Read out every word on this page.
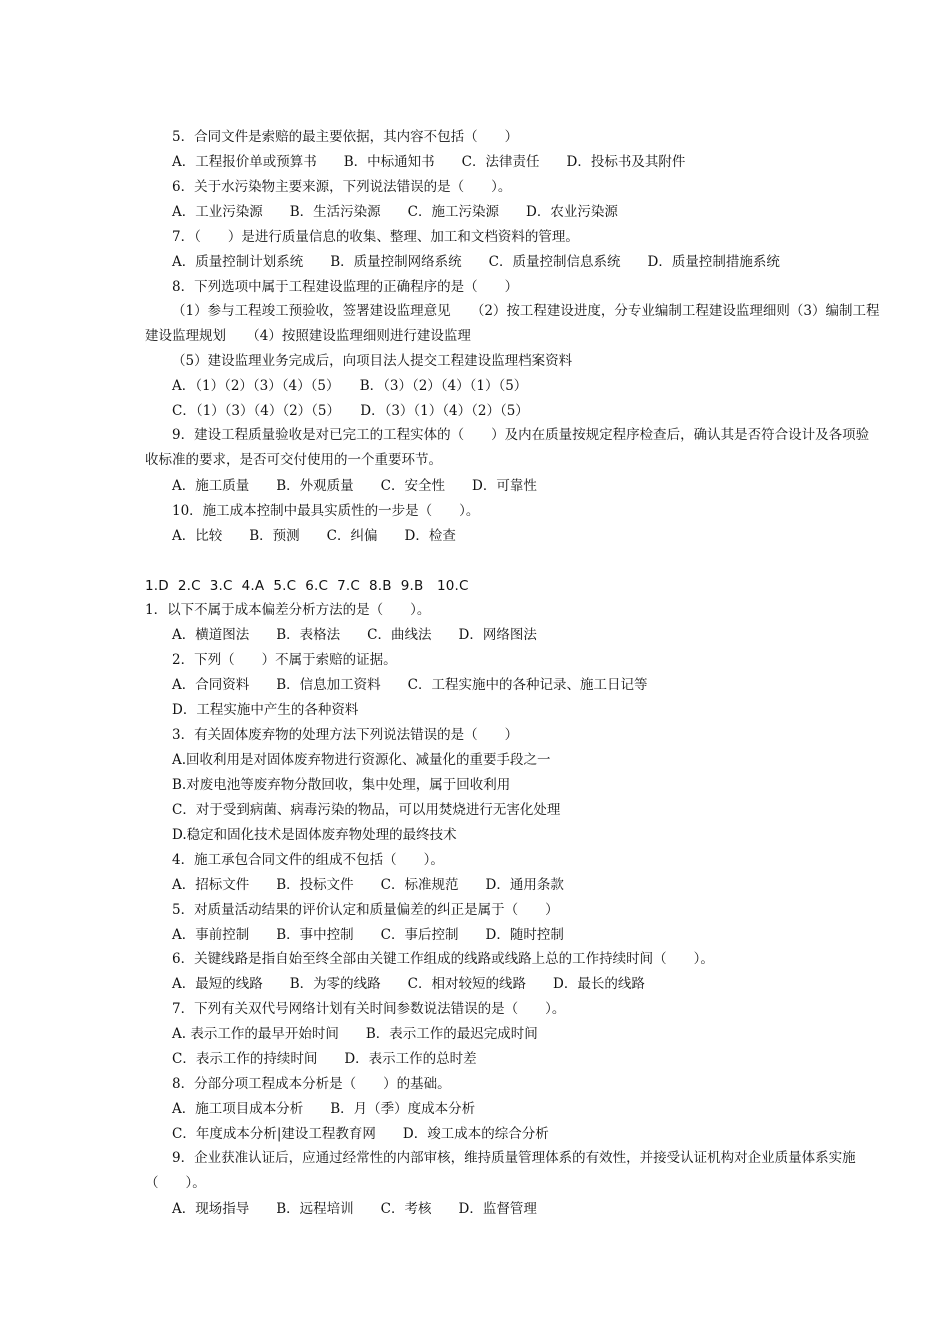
5．合同文件是索赔的最主要依据，其内容不包括（　　）
A．工程报价单或预算书　　B．中标通知书　　C．法律责任　　D．投标书及其附件
6．关于水污染物主要来源，下列说法错误的是（　　）。
A．工业污染源　　B．生活污染源　　C．施工污染源　　D．农业污染源
7．（　　）是进行质量信息的收集、整理、加工和文档资料的管理。
A．质量控制计划系统　　B．质量控制网络系统　　C．质量控制信息系统　　D．质量控制措施系统
8．下列选项中属于工程建设监理的正确程序的是（　　）
（1）参与工程竣工预验收，签署建设监理意见　　（2）按工程建设进度，分专业编制工程建设监理细则（3）编制工程建设监理规划　　（4）按照建设监理细则进行建设监理
（5）建设监理业务完成后，向项目法人提交工程建设监理档案资料
A．（1）（2）（3）（4）（5）　　B．（3）（2）（4）（1）（5）
C．（1）（3）（4）（2）（5）　　D．（3）（1）（4）（2）（5）
9．建设工程质量验收是对已完工的工程实体的（　　）及内在质量按规定程序检查后，确认其是否符合设计及各项验收标准的要求，是否可交付使用的一个重要环节。
A．施工质量　　B．外观质量　　C．安全性　　D．可靠性
10．施工成本控制中最具实质性的一步是（　　）。
A．比较　　B．预测　　C．纠偏　　D．检查
1.D  2.C  3.C  4.A  5.C  6.C  7.C  8.B  9.B   10.C
1．以下不属于成本偏差分析方法的是（　　）。
A．横道图法　　B．表格法　　C．曲线法　　D．网络图法
2．下列（　　）不属于索赔的证据。
A．合同资料　　B．信息加工资料　　C．工程实施中的各种记录、施工日记等
D．工程实施中产生的各种资料
3．有关固体废弃物的处理方法下列说法错误的是（　　）
A.回收利用是对固体废弃物进行资源化、减量化的重要手段之一
B.对废电池等废弃物分散回收，集中处理，属于回收利用
C．对于受到病菌、病毒污染的物品，可以用焚烧进行无害化处理
D.稳定和固化技术是固体废弃物处理的最终技术
4．施工承包合同文件的组成不包括（　　）。
A．招标文件　　B．投标文件　　C．标准规范　　D．通用条款
5．对质量活动结果的评价认定和质量偏差的纠正是属于（　　）
A．事前控制　　B．事中控制　　C．事后控制　　D．随时控制
6．关键线路是指自始至终全部由关键工作组成的线路或线路上总的工作持续时间（　　）。
A．最短的线路　　B．为零的线路　　C．相对较短的线路　　D．最长的线路
7．下列有关双代号网络计划有关时间参数说法错误的是（　　）。
A. 表示工作的最早开始时间　　B．表示工作的最迟完成时间
C．表示工作的持续时间　　D．表示工作的总时差
8．分部分项工程成本分析是（　　）的基础。
A．施工项目成本分析　　B．月（季）度成本分析
C．年度成本分析|建设工程教育网　　D．竣工成本的综合分析
9．企业获准认证后，应通过经常性的内部审核，维持质量管理体系的有效性，并接受认证机构对企业质量体系实施（　　）。
A．现场指导　　B．远程培训　　C．考核　　D．监督管理
